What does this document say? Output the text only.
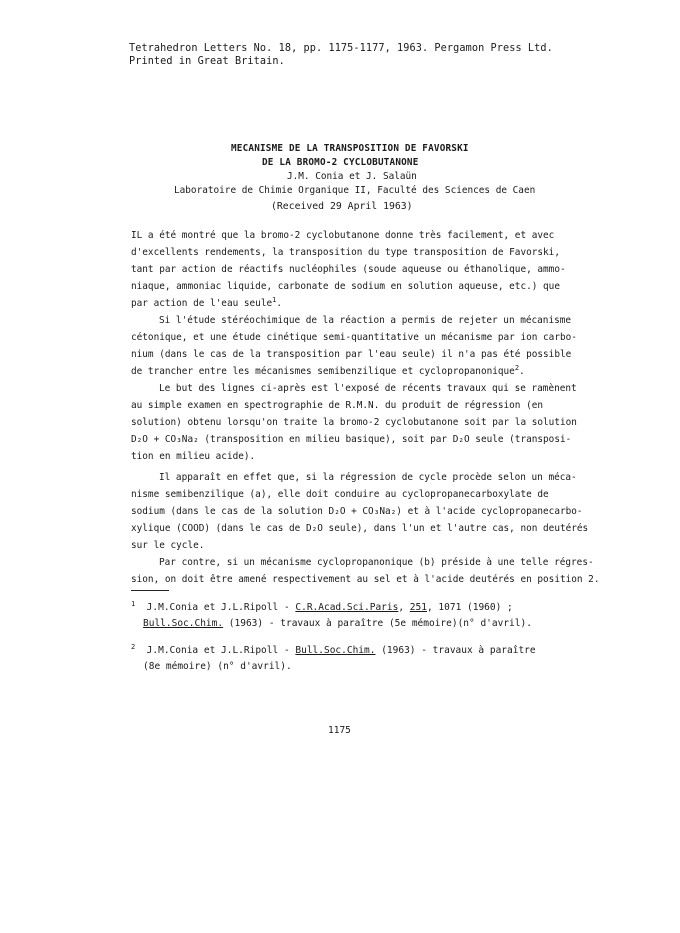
Tetrahedron Letters No. 18, pp. 1175-1177, 1963. Pergamon Press Ltd.
Printed in Great Britain.
MECANISME DE LA TRANSPOSITION DE FAVORSKI
DE LA BROMO-2 CYCLOBUTANONE
J.M. Conia et J. Salaün
Laboratoire de Chimie Organique II, Faculté des Sciences de Caen
(Received 29 April 1963)
IL a été montré que la bromo-2 cyclobutanone donne très facilement, et avec
d'excellents rendements, la transposition du type transposition de Favorski,
tant par action de réactifs nucléophiles (soude aqueuse ou éthanolique, ammo-
niaque, ammoniac liquide, carbonate de sodium en solution aqueuse, etc.) que
par action de l'eau seule$^1$.
Si l'étude stéréochimique de la réaction a permis de rejeter un mécanisme
cétonique, et une étude cinétique semi-quantitative un mécanisme par ion carbo-
nium (dans le cas de la transposition par l'eau seule) il n'a pas été possible
de trancher entre les mécanismes semibenzilique et cyclopropanonique$^2$.
Le but des lignes ci-après est l'exposé de récents travaux qui se ramènent
au simple examen en spectrographie de R.M.N. du produit de régression (en
solution) obtenu lorsqu'on traite la bromo-2 cyclobutanone soit par la solution
D₂O + CO₃Na₂ (transposition en milieu basique), soit par D₂O seule (transposi-
tion en milieu acide).
Il apparaît en effet que, si la régression de cycle procède selon un méca-
nisme semibenzilique (a), elle doit conduire au cyclopropanecarboxylate de
sodium (dans le cas de la solution D₂O + CO₃Na₂) et à l'acide cyclopropanecarbo-
xylique (COOD) (dans le cas de D₂O seule), dans l'un et l'autre cas, non deutérés
sur le cycle.
Par contre, si un mécanisme cyclopropanonique (b) préside à une telle régres-
sion, on doit être amené respectivement au sel et à l'acide deutérés en position 2.
$^1$ J.M.Conia et J.L.Ripoll - C.R.Acad.Sci.Paris, 251, 1071 (1960) ;
Bull.Soc.Chim. (1963) - travaux à paraître (5e mémoire)(n° d'avril).
$^2$ J.M.Conia et J.L.Ripoll - Bull.Soc.Chim. (1963) - travaux à paraître
(8e mémoire) (n° d'avril).
1175
